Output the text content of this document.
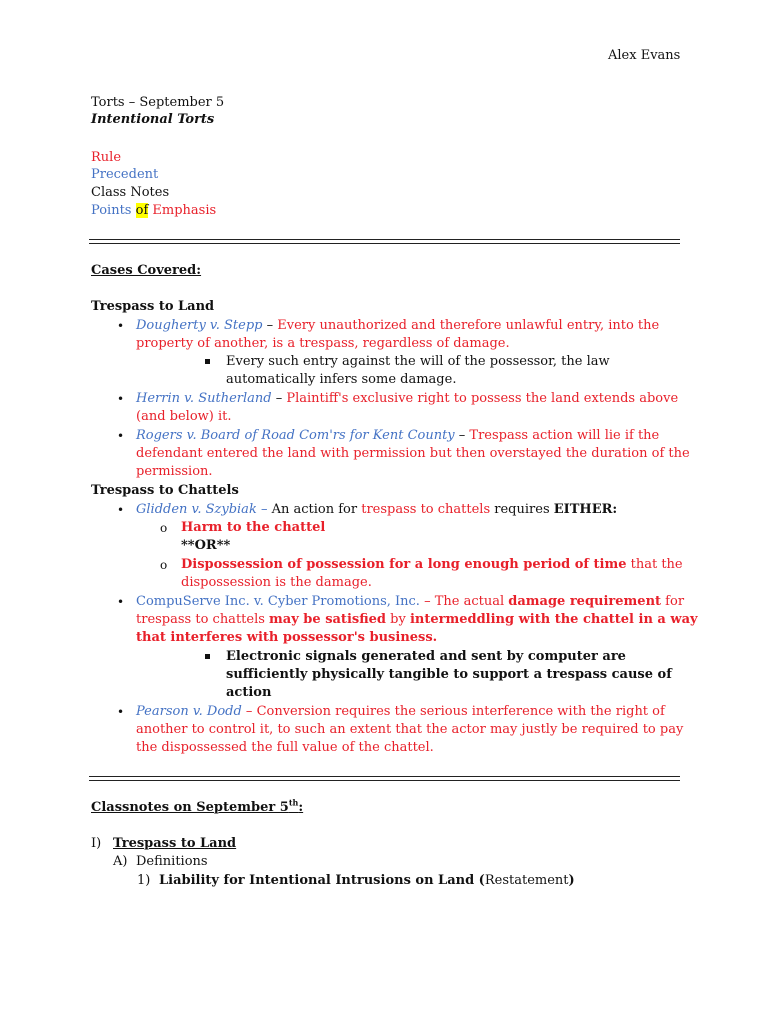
Alex Evans
Torts – September 5
Intentional Torts
Rule
Precedent
Class Notes
Points of Emphasis
Cases Covered:
Trespass to Land
• Dougherty v. Stepp – Every unauthorized and therefore unlawful entry, into the
property of another, is a trespass, regardless of damage.
Every such entry against the will of the possessor, the law
automatically infers some damage.
• Herrin v. Sutherland – Plaintiff's exclusive right to possess the land extends above
(and below) it.
• Rogers v. Board of Road Com'rs for Kent County – Trespass action will lie if the
defendant entered the land with permission but then overstayed the duration of the
permission.
Trespass to Chattels
• Glidden v. Szybiak – An action for trespass to chattels requires EITHER:
o Harm to the chattel
**OR**
o Dispossession of possession for a long enough period of time that the
dispossession is the damage.
• CompuServe Inc. v. Cyber Promotions, Inc. – The actual damage requirement for
trespass to chattels may be satisfied by intermeddling with the chattel in a way
that interferes with possessor's business.
Electronic signals generated and sent by computer are
sufficiently physically tangible to support a trespass cause of
action
• Pearson v. Dodd – Conversion requires the serious interference with the right of
another to control it, to such an extent that the actor may justly be required to pay
the dispossessed the full value of the chattel.
Classnotes on September 5th:
I) Trespass to Land
A) Definitions
1) Liability for Intentional Intrusions on Land (Restatement)
